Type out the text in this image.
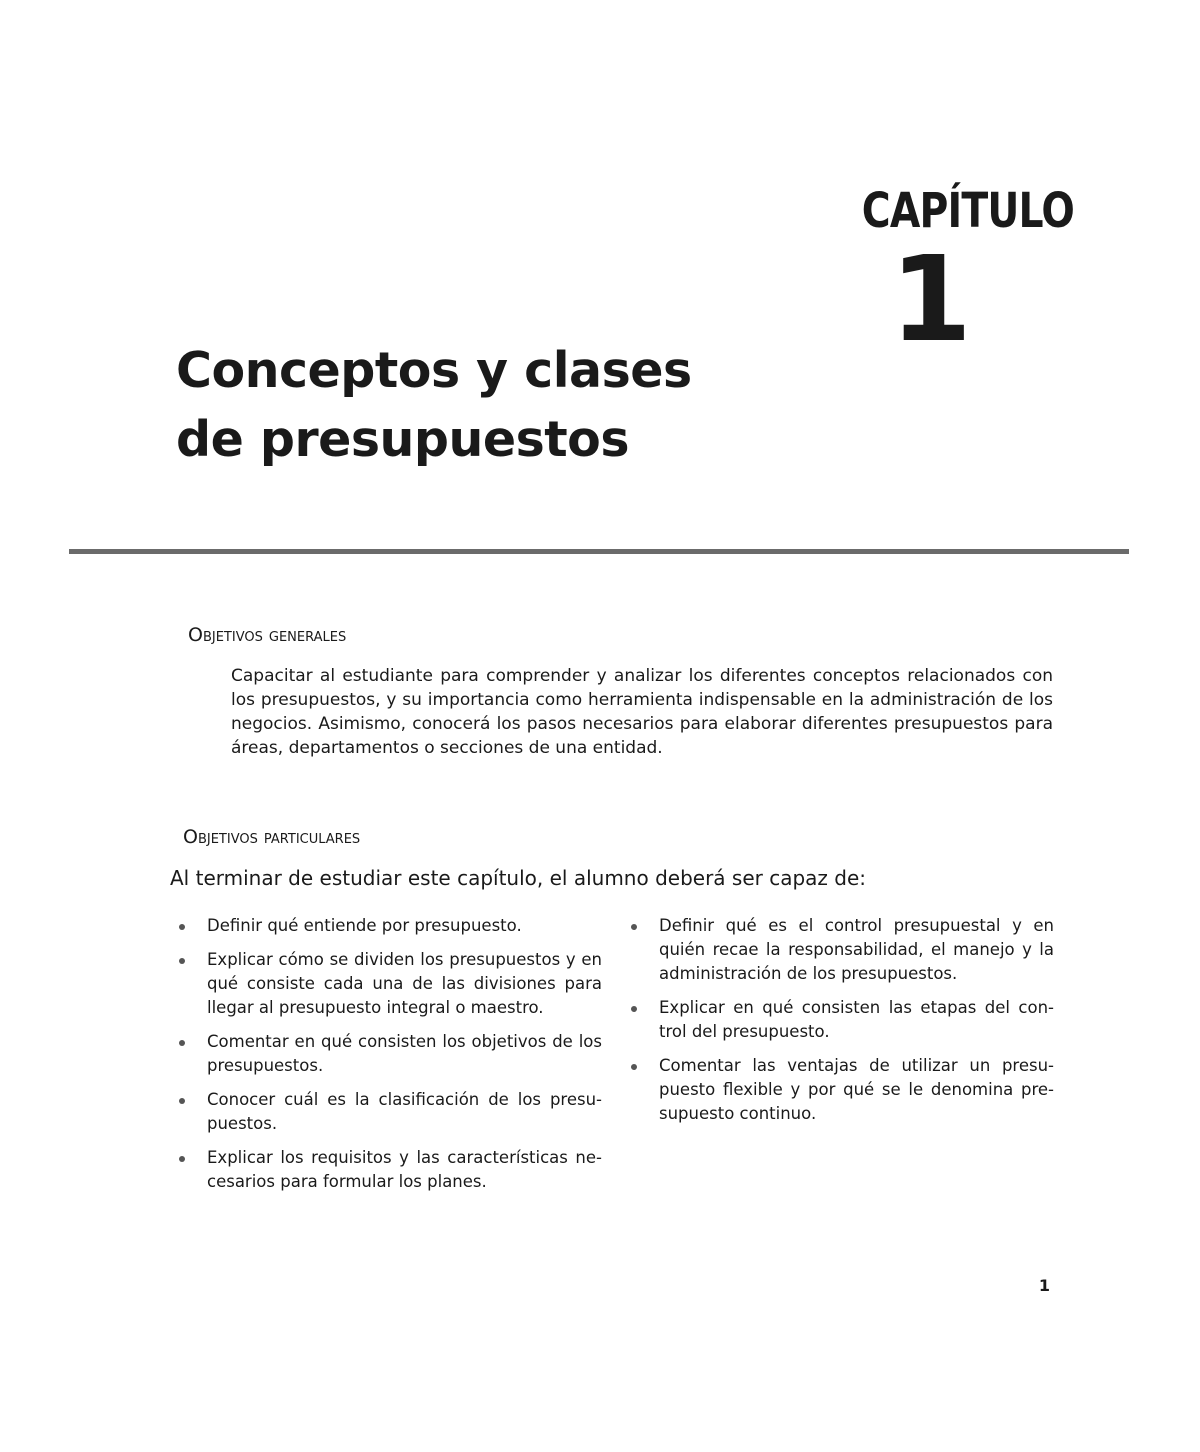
CAPÍTULO
1
Conceptos y clases
de presupuestos
Objetivos generales

Capacitar al estudiante para comprender y analizar los diferentes conceptos relacionados con los presupuestos, y su importancia como herramienta indispensable en la administración de los negocios. Asimismo, conocerá los pasos necesarios para elaborar diferentes presupuestos para áreas, departamentos o secciones de una entidad.

Objetivos particulares
Al terminar de estudiar este capítulo, el alumno deberá ser capaz de:
Definir qué entiende por presupuesto.
Explicar cómo se dividen los presupuestos y en qué consiste cada una de las divisiones para llegar al presupuesto integral o maestro.
Comentar en qué consisten los objetivos de los presupuestos.
Conocer cuál es la clasificación de los presu-puestos.
Explicar los requisitos y las características ne-cesarios para formular los planes.
Definir qué es el control presupuestal y en quién recae la responsabilidad, el manejo y la administración de los presupuestos.
Explicar en qué consisten las etapas del con-trol del presupuesto.
Comentar las ventajas de utilizar un presu-puesto flexible y por qué se le denomina pre-supuesto continuo.
1
